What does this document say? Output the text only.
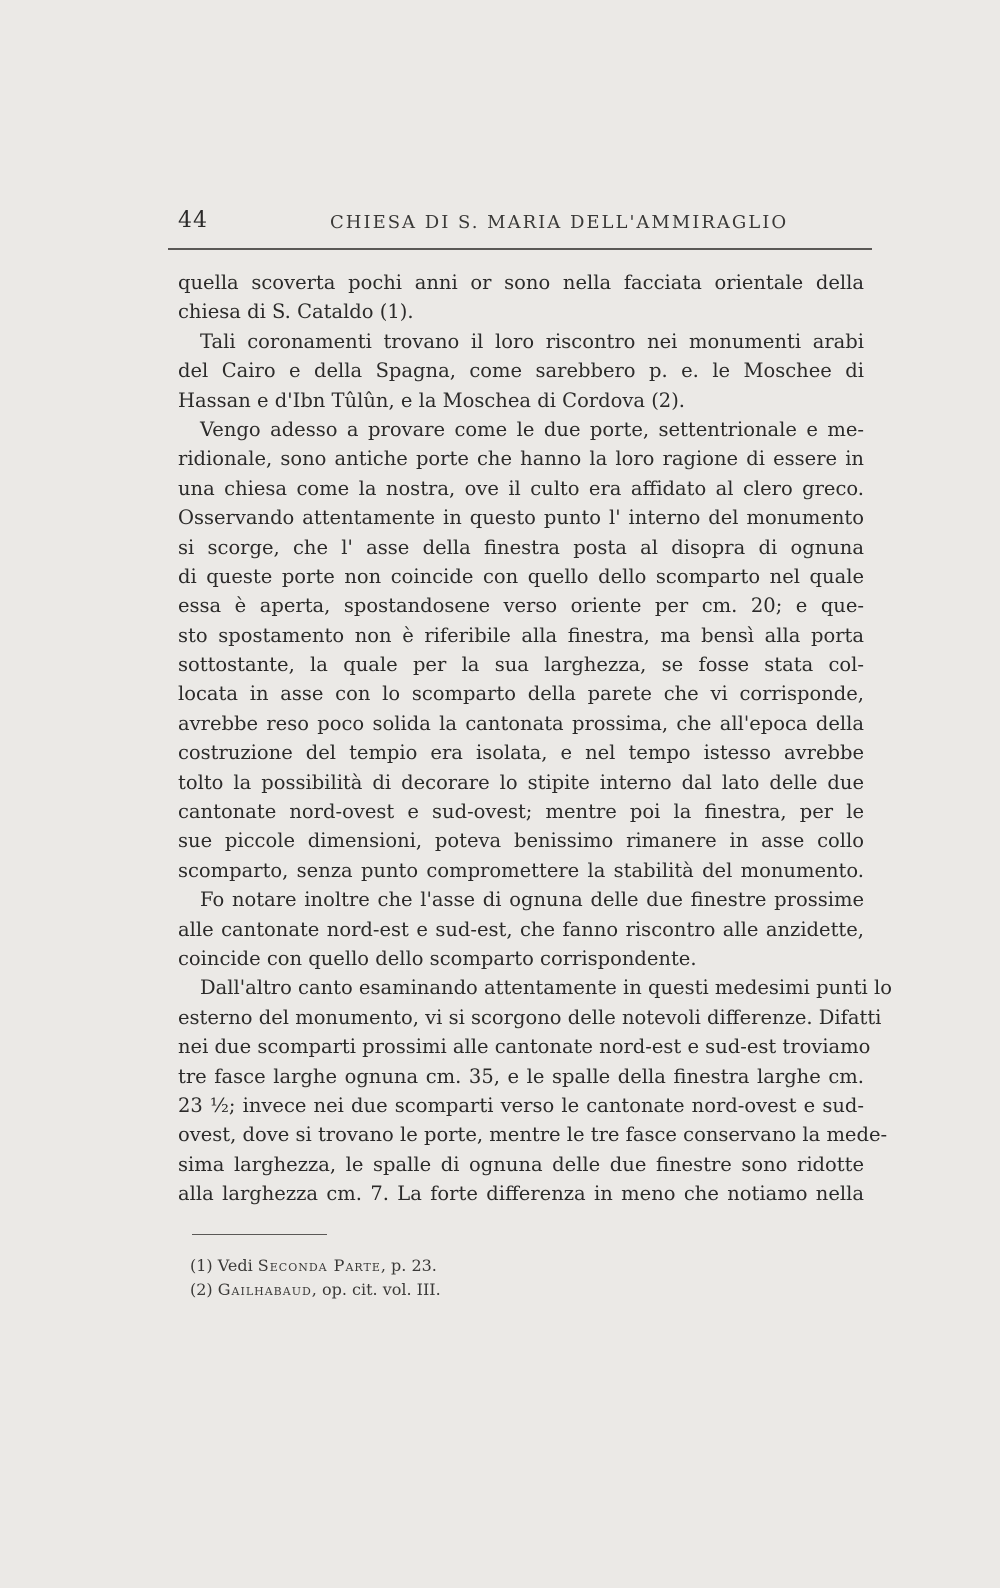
44	CHIESA DI S. MARIA DELL'AMMIRAGLIO
quella scoverta pochi anni or sono nella facciata orientale della
chiesa di S. Cataldo (1).
Tali coronamenti trovano il loro riscontro nei monumenti arabi
del Cairo e della Spagna, come sarebbero p. e. le Moschee di
Hassan e d'Ibn Tûlûn, e la Moschea di Cordova (2).
Vengo adesso a provare come le due porte, settentrionale e me-
ridionale, sono antiche porte che hanno la loro ragione di essere in
una chiesa come la nostra, ove il culto era affidato al clero greco.
Osservando attentamente in questo punto l' interno del monumento
si scorge, che l' asse della finestra posta al disopra di ognuna
di queste porte non coincide con quello dello scomparto nel quale
essa è aperta, spostandosene verso oriente per cm. 20; e que-
sto spostamento non è riferibile alla finestra, ma bensì alla porta
sottostante, la quale per la sua larghezza, se fosse stata col-
locata in asse con lo scomparto della parete che vi corrisponde,
avrebbe reso poco solida la cantonata prossima, che all'epoca della
costruzione del tempio era isolata, e nel tempo istesso avrebbe
tolto la possibilità di decorare lo stipite interno dal lato delle due
cantonate nord-ovest e sud-ovest; mentre poi la finestra, per le
sue piccole dimensioni, poteva benissimo rimanere in asse collo
scomparto, senza punto compromettere la stabilità del monumento.
Fo notare inoltre che l'asse di ognuna delle due finestre prossime
alle cantonate nord-est e sud-est, che fanno riscontro alle anzidette,
coincide con quello dello scomparto corrispondente.
Dall'altro canto esaminando attentamente in questi medesimi punti lo
esterno del monumento, vi si scorgono delle notevoli differenze. Difatti
nei due scomparti prossimi alle cantonate nord-est e sud-est troviamo
tre fasce larghe ognuna cm. 35, e le spalle della finestra larghe cm.
23 ½; invece nei due scomparti verso le cantonate nord-ovest e sud-
ovest, dove si trovano le porte, mentre le tre fasce conservano la mede-
sima larghezza, le spalle di ognuna delle due finestre sono ridotte
alla larghezza cm. 7. La forte differenza in meno che notiamo nella
(1) Vedi Seconda Parte, p. 23.
(2) Gailhabaud, op. cit. vol. III.
